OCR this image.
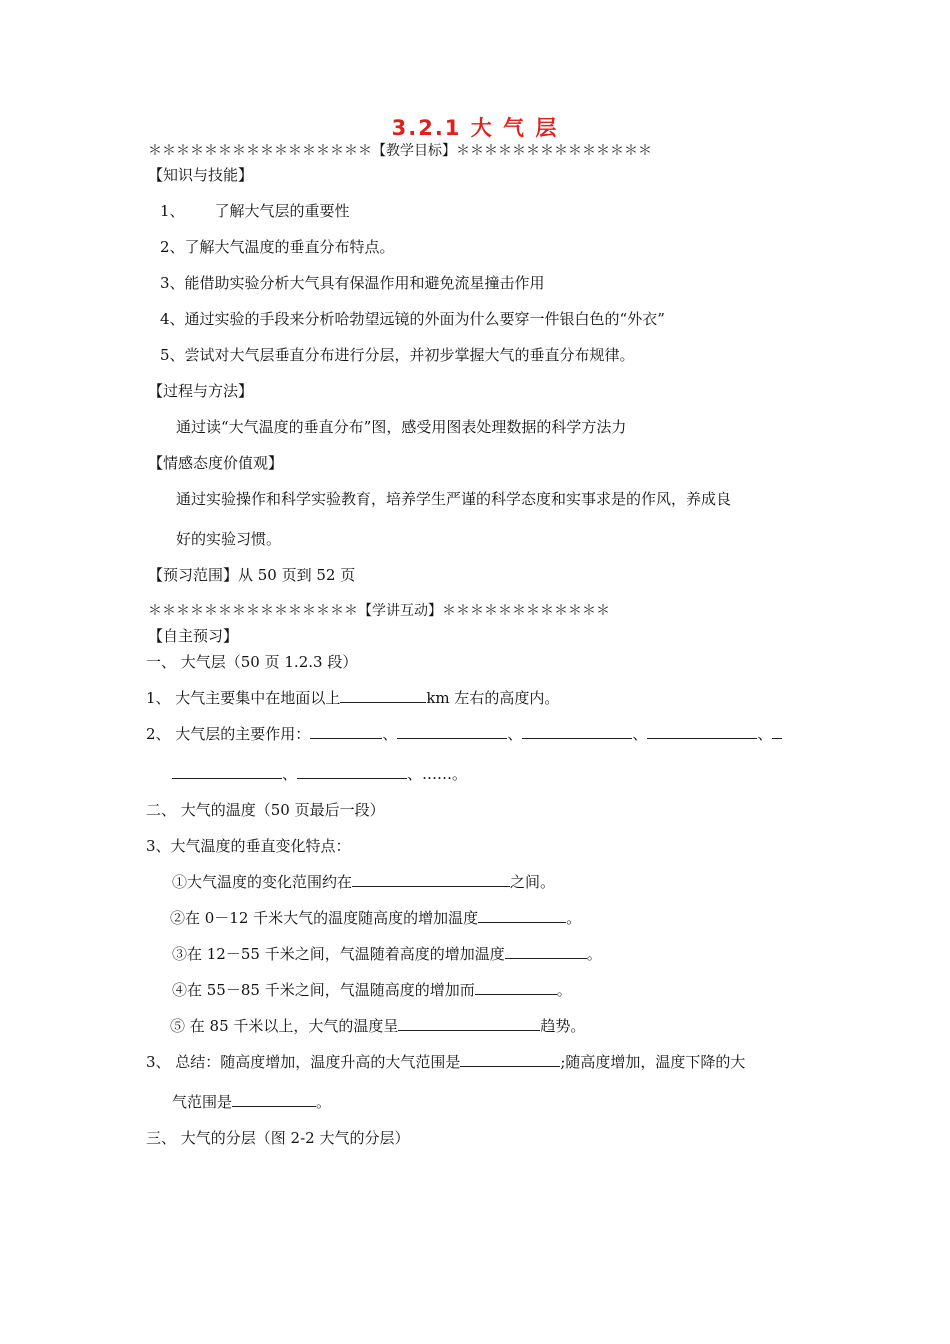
3.2.1 大 气 层
＊＊＊＊＊＊＊＊＊＊＊＊＊＊＊＊【教学目标】＊＊＊＊＊＊＊＊＊＊＊＊＊＊
【知识与技能】
1、 了解大气层的重要性
2、了解大气温度的垂直分布特点。
3、能借助实验分析大气具有保温作用和避免流星撞击作用
4、通过实验的手段来分析哈勃望远镜的外面为什么要穿一件银白色的“外衣”
5、尝试对大气层垂直分布进行分层，并初步掌握大气的垂直分布规律。
【过程与方法】
通过读“大气温度的垂直分布”图，感受用图表处理数据的科学方法力
【情感态度价值观】
通过实验操作和科学实验教育，培养学生严谨的科学态度和实事求是的作风，养成良
好的实验习惯。
【预习范围】从 50 页到 52 页
＊＊＊＊＊＊＊＊＊＊＊＊＊＊＊【学讲互动】＊＊＊＊＊＊＊＊＊＊＊＊
【自主预习】
一、 大气层（50 页 1.2.3 段）
1、 大气主要集中在地面以上	km 左右的高度内。
2、 大气层的主要作用：	、	、	、	、
、	、……。
二、 大气的温度（50 页最后一段）
3、大气温度的垂直变化特点：
①大气温度的变化范围约在	之间。
②在 0－12 千米大气的温度随高度的增加温度	。
③在 12－55 千米之间，气温随着高度的增加温度	。
④在 55－85 千米之间，气温随高度的增加而	。
⑤ 在 85 千米以上，大气的温度呈	趋势。
3、 总结：随高度增加，温度升高的大气范围是	;随高度增加，温度下降的大
气范围是	。
三、 大气的分层（图 2-2 大气的分层）
